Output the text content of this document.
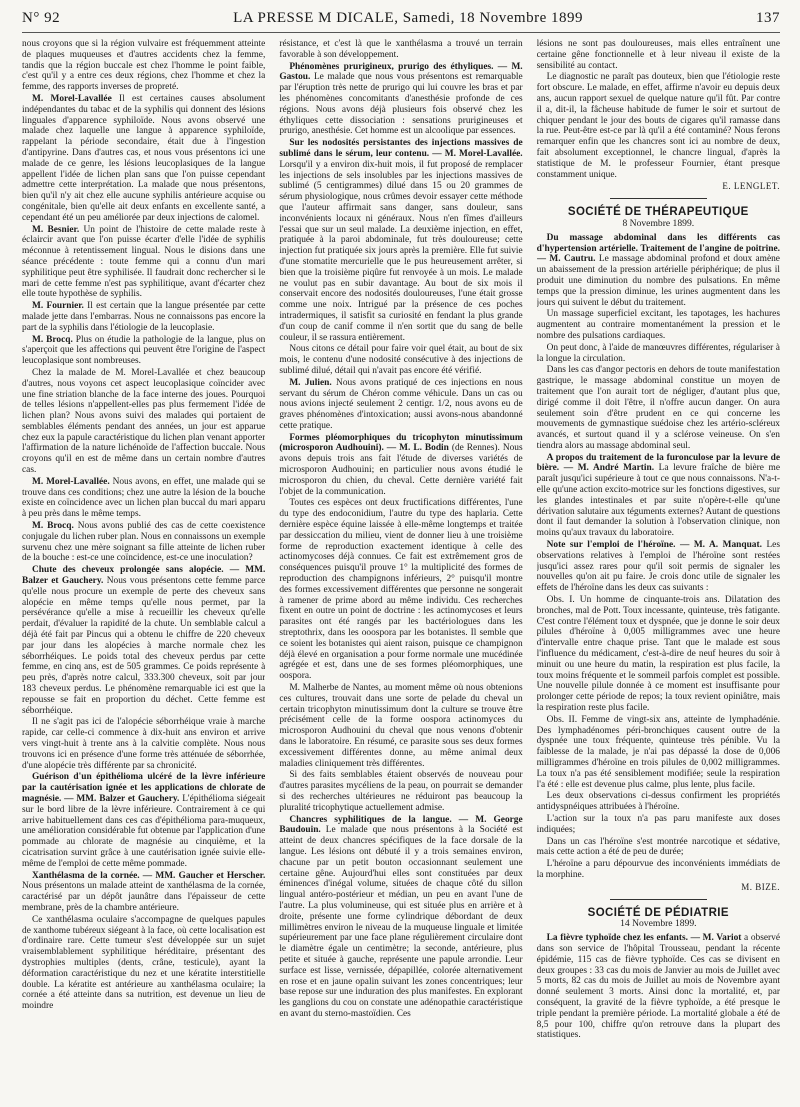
N° 92	LA PRESSE M DICALE, Samedi, 18 Novembre 1899	137

nous croyons que si la région vulvaire est fréquemment atteinte de plaques muqueuses et d'autres accidents chez la femme, tandis que la région buccale est chez l'homme le point faible, c'est qu'il y a entre ces deux régions, chez l'homme et chez la femme, des rapports inverses de propreté.

M. Morel-Lavallée Il est certaines causes absolument indépendantes du tabac et de la syphilis qui donnent des lésions linguales d'apparence syphiloïde. Nous avons observé une malade chez laquelle une langue à apparence syphiloïde, rappelant la période secondaire, était due à l'ingestion d'antipyrine. Dans d'autres cas, et nous vous présentons ici une malade de ce genre, les lésions leucoplasiques de la langue appellent l'idée de lichen plan sans que l'on puisse cependant admettre cette interprétation. La malade que nous présentons, bien qu'il n'y ait chez elle aucune syphilis antérieure acquise ou congénitale, bien qu'elle ait deux enfants en excellente santé, a cependant été un peu améliorée par deux injections de calomel.

M. Besnier. Un point de l'histoire de cette malade reste à éclaircir avant que l'on puisse écarter d'elle l'idée de syphilis méconnue à retentissement lingual. Nous le disions dans une séance précédente : toute femme qui a connu d'un mari syphilitique peut être syphilisée. Il faudrait donc rechercher si le mari de cette femme n'est pas syphilitique, avant d'écarter chez elle toute hypothèse de syphilis.

M. Fournier. Il est certain que la langue présentée par cette malade jette dans l'embarras. Nous ne connaissons pas encore la part de la syphilis dans l'étiologie de la leucoplasie.

M. Brocq. Plus on étudie la pathologie de la langue, plus on s'aperçoit que les affections qui peuvent être l'origine de l'aspect leucoplasique sont nombreuses.

Chez la malade de M. Morel-Lavallée et chez beaucoup d'autres, nous voyons cet aspect leucoplasique coïncider avec une fine striation blanche de la face interne des joues. Pourquoi de telles lésions n'appellent-elles pas plus fermement l'idée de lichen plan? Nous avons suivi des malades qui portaient de semblables éléments pendant des années, un jour est apparue chez eux la papule caractéristique du lichen plan venant apporter l'affirmation de la nature lichénoïde de l'affection buccale. Nous croyons qu'il en est de même dans un certain nombre d'autres cas.

M. Morel-Lavallée. Nous avons, en effet, une malade qui se trouve dans ces conditions; chez une autre la lésion de la bouche existe en coïncidence avec un lichen plan buccal du mari apparu à peu près dans le même temps.

M. Brocq. Nous avons publié des cas de cette coexistence conjugale du lichen ruber plan. Nous en connaissons un exemple survenu chez une mère soignant sa fille atteinte de lichen ruber de la bouche : est-ce une coïncidence, est-ce une inoculation?

Chute des cheveux prolongée sans alopécie. — MM. Balzer et Gauchery. Nous vous présentons cette femme parce qu'elle nous procure un exemple de perte des cheveux sans alopécie en même temps qu'elle nous permet, par la persévérance qu'elle a mise à recueillir les cheveux qu'elle perdait, d'évaluer la rapidité de la chute. Un semblable calcul a déjà été fait par Pincus qui a obtenu le chiffre de 220 cheveux par jour dans les alopécies à marche normale chez les séborrhéiques. Le poids total des cheveux perdus par cette femme, en cinq ans, est de 505 grammes. Ce poids représente à peu près, d'après notre calcul, 333.300 cheveux, soit par jour 183 cheveux perdus. Le phénomène remarquable ici est que la repousse se fait en proportion du déchet. Cette femme est séborrhéique.

Il ne s'agit pas ici de l'alopécie séborrhéique vraie à marche rapide, car celle-ci commence à dix-huit ans environ et arrive vers vingt-huit à trente ans à la calvitie complète. Nous nous trouvons ici en présence d'une forme très atténuée de séborrhée, d'une alopécie très différente par sa chronicité.

Guérison d'un épithélioma ulcéré de la lèvre inférieure par la cautérisation ignée et les applications de chlorate de magnésie. — MM. Balzer et Gauchery. L'épithélioma siégeait sur le bord libre de la lèvre inférieure. Contrairement à ce qui arrive habituellement dans ces cas d'épithélioma para-muqueux, une amélioration considérable fut obtenue par l'application d'une pommade au chlorate de magnésie au cinquième, et la cicatrisation survint grâce à une cautérisation ignée suivie elle-même de l'emploi de cette même pommade.

Xanthélasma de la cornée. — MM. Gaucher et Herscher. Nous présentons un malade atteint de xanthélasma de la cornée, caractérisé par un dépôt jaunâtre dans l'épaisseur de cette membrane, près de la chambre antérieure.

Ce xanthélasma oculaire s'accompagne de quelques papules de xanthome tubéreux siégeant à la face, où cette localisation est d'ordinaire rare. Cette tumeur s'est développée sur un sujet vraisemblablement syphilitique héréditaire, présentant des dystrophies multiples (dents, crâne, testicule), ayant la déformation caractéristique du nez et une kératite interstitielle double. La kératite est antérieure au xanthélasma oculaire; la cornée a été atteinte dans sa nutrition, est devenue un lieu de moindre

résistance, et c'est là que le xanthélasma a trouvé un terrain favorable à son développement.

Phénomènes prurigineux, prurigo des éthyliques. — M. Gastou. Le malade que nous vous présentons est remarquable par l'éruption très nette de prurigo qui lui couvre les bras et par les phénomènes concomitants d'anesthésie profonde de ces régions. Nous avons déjà plusieurs fois observé chez les éthyliques cette dissociation : sensations prurigineuses et prurigo, anesthésie. Cet homme est un alcoolique par essences.

Sur les nodosités persistantes des injections massives de sublimé dans le sérum, leur contenu. — M. Morel-Lavallée. Lorsqu'il y a environ dix-huit mois, il fut proposé de remplacer les injections de sels insolubles par les injections massives de sublimé (5 centigrammes) dilué dans 15 ou 20 grammes de sérum physiologique, nous crûmes devoir essayer cette méthode que l'auteur affirmait sans danger, sans douleur, sans inconvénients locaux ni généraux. Nous n'en fîmes d'ailleurs l'essai que sur un seul malade. La deuxième injection, en effet, pratiquée à la paroi abdominale, fut très douloureuse; cette injection fut pratiquée six jours après la première. Elle fut suivie d'une stomatite mercurielle que le pus heureusement arrêter, si bien que la troisième piqûre fut renvoyée à un mois. Le malade ne voulut pas en subir davantage. Au bout de six mois il conservait encore des nodosités douloureuses, l'une était grosse comme une noix. Intrigué par la présence de ces poches intradermiques, il satisfit sa curiosité en fendant la plus grande d'un coup de canif comme il n'en sortit que du sang de belle couleur, il se rassura entièrement.

Nous citons ce détail pour faire voir quel était, au bout de six mois, le contenu d'une nodosité consécutive à des injections de sublimé dilué, détail qui n'avait pas encore été vérifié.

M. Julien. Nous avons pratiqué de ces injections en nous servant du sérum de Chéron comme véhicule. Dans un cas ou nous avions injecté seulement 2 centigr. 1/2, nous avons eu de graves phénomènes d'intoxication; aussi avons-nous abandonné cette pratique.

Formes pléomorphiques du tricophyton minutissimum (microsporon Audhouini). — M. L. Bodin (de Rennes). Nous avons depuis trois ans fait l'étude de diverses variétés de microsporon Audhouini; en particulier nous avons étudié le microsporon du chien, du cheval. Cette dernière variété fait l'objet de la communication.

Toutes ces espèces ont deux fructifications différentes, l'une du type des endoconidium, l'autre du type des haplaria. Cette dernière espèce équine laissée à elle-même longtemps et traitée par dessiccation du milieu, vient de donner lieu à une troisième forme de reproduction exactement identique à celle des actinomycoses déjà connues. Ce fait est extrêmement gros de conséquences puisqu'il prouve 1° la multiplicité des formes de reproduction des champignons inférieurs, 2° puisqu'il montre des formes excessivement différentes que personne ne songerait à ramener de prime abord au même individu. Ces recherches fixent en outre un point de doctrine : les actinomycoses et leurs parasites ont été rangés par les bactériologues dans les streptothrix, dans les ooospora par les botanistes. Il semble que ce soient les botanistes qui aient raison, puisque ce champignon déjà élevé en organisation a pour forme normale une mucédinée agrégée et est, dans une de ses formes pléomorphiques, une oospora.

M. Malherbe de Nantes, au moment même où nous obtenions ces cultures, trouvait dans une sorte de pelade du cheval un certain tricophyton minutissimum dont la culture se trouve être précisément celle de la forme oospora actinomyces du microsporon Audhouini du cheval que nous venons d'obtenir dans le laboratoire. En résumé, ce parasite sous ses deux formes excessivement différentes donne, au même animal deux maladies cliniquement très différentes.

Si des faits semblables étaient observés de nouveau pour d'autres parasites mycéliens de la peau, on pourrait se demander si des recherches ultérieures ne réduiront pas beaucoup la pluralité tricophytique actuellement admise.

Chancres syphilitiques de la langue. — M. George Baudouin. Le malade que nous présentons à la Société est atteint de deux chancres spécifiques de la face dorsale de la langue. Les lésions ont débuté il y a trois semaines environ, chacune par un petit bouton occasionnant seulement une certaine gêne. Aujourd'hui elles sont constituées par deux éminences d'inégal volume, situées de chaque côté du sillon lingual antéro-postérieur et médian, un peu en avant l'une de l'autre. La plus volumineuse, qui est située plus en arrière et à droite, présente une forme cylindrique débordant de deux millimètres environ le niveau de la muqueuse linguale et limitée supérieurement par une face plane régulièrement circulaire dont le diamètre égale un centimètre; la seconde, antérieure, plus petite et située à gauche, représente une papule arrondie. Leur surface est lisse, vernissée, dépapillée, colorée alternativement en rose et en jaune opalin suivant les zones concentriques; leur base repose sur une induration des plus manifestes. En explorant les ganglions du cou on constate une adénopathie caractéristique en avant du sterno-mastoïdien. Ces

lésions ne sont pas douloureuses, mais elles entraînent une certaine gêne fonctionnelle et à leur niveau il existe de la sensibilité au contact.

Le diagnostic ne paraît pas douteux, bien que l'étiologie reste fort obscure. Le malade, en effet, affirme n'avoir eu depuis deux ans, aucun rapport sexuel de quelque nature qu'il fût. Par contre il a, dit-il, la fâcheuse habitude de fumer le soir et surtout de chiquer pendant le jour des bouts de cigares qu'il ramasse dans la rue. Peut-être est-ce par là qu'il a été contaminé? Nous ferons remarquer enfin que les chancres sont ici au nombre de deux, fait absolument exceptionnel, le chancre lingual, d'après la statistique de M. le professeur Fournier, étant presque constamment unique.

E. LENGLET.
SOCIÉTÉ DE THÉRAPEUTIQUE
8 Novembre 1899.

Du massage abdominal dans les différents cas d'hypertension artérielle. Traitement de l'angine de poitrine. — M. Cautru. Le massage abdominal profond et doux amène un abaissement de la pression artérielle périphérique; de plus il produit une diminution du nombre des pulsations. En même temps que la pression diminue, les urines augmentent dans les jours qui suivent le début du traitement.

Un massage superficiel excitant, les tapotages, les hachures augmentent au contraire momentanément la pression et le nombre des pulsations cardiaques.

On peut donc, à l'aide de manœuvres différentes, régulariser à la longue la circulation.

Dans les cas d'angor pectoris en dehors de toute manifestation gastrique, le massage abdominal constitue un moyen de traitement que l'on aurait tort de négliger, d'autant plus que, dirigé comme il doit l'être, il n'offre aucun danger. On aura seulement soin d'être prudent en ce qui concerne les mouvements de gymnastique suédoise chez les artério-scléreux avancés, et surtout quand il y a sclérose veineuse. On s'en tiendra alors au massage abdominal seul.

A propos du traitement de la furonculose par la levure de bière. — M. André Martin. La levure fraîche de bière me paraît jusqu'ici supérieure à tout ce que nous connaissons. N'a-t-elle qu'une action excito-motrice sur les fonctions digestives, sur les glandes intestinales et par suite n'opère-t-elle qu'une dérivation salutaire aux téguments externes? Autant de questions dont il faut demander la solution à l'observation clinique, non moins qu'aux travaux du laboratoire.

Note sur l'emploi de l'héroïne. — M. A. Manquat. Les observations relatives à l'emploi de l'héroïne sont restées jusqu'ici assez rares pour qu'il soit permis de signaler les nouvelles qu'on ait pu faire. Je crois donc utile de signaler les effets de l'héroïne dans les deux cas suivants :

Obs. I. Un homme de cinquante-trois ans. Dilatation des bronches, mal de Pott. Toux incessante, quinteuse, très fatigante. C'est contre l'élément toux et dyspnée, que je donne le soir deux pilules d'héroïne à 0,005 milligrammes avec une heure d'intervalle entre chaque prise. Tant que le malade est sous l'influence du médicament, c'est-à-dire de neuf heures du soir à minuit ou une heure du matin, la respiration est plus facile, la toux moins fréquente et le sommeil parfois complet est possible. Une nouvelle pilule donnée à ce moment est insuffisante pour prolonger cette période de repos; la toux revient opiniâtre, mais la respiration reste plus facile.

Obs. II. Femme de vingt-six ans, atteinte de lymphadénie. Des lymphadénomes péri-bronchiques causent outre de la dyspnée une toux fréquente, quinteuse très pénible. Vu la faiblesse de la malade, je n'ai pas dépassé la dose de 0,006 milligrammes d'héroïne en trois pilules de 0,002 milligrammes. La toux n'a pas été sensiblement modifiée; seule la respiration l'a été : elle est devenue plus calme, plus lente, plus facile.

Les deux observations ci-dessus confirment les propriétés antidyspnéiques attribuées à l'héroïne.

L'action sur la toux n'a pas paru manifeste aux doses indiquées;

Dans un cas l'héroïne s'est montrée narcotique et sédative, mais cette action a été de peu de durée;

L'héroïne a paru dépourvue des inconvénients immédiats de la morphine.

M. BIZE.
SOCIÉTÉ DE PÉDIATRIE
14 Novembre 1899.

La fièvre typhoïde chez les enfants. — M. Variot a observé dans son service de l'hôpital Trousseau, pendant la récente épidémie, 115 cas de fièvre typhoïde. Ces cas se divisent en deux groupes : 33 cas du mois de Janvier au mois de Juillet avec 5 morts, 82 cas du mois de Juillet au mois de Novembre ayant donné seulement 3 morts. Ainsi donc la mortalité, et, par conséquent, la gravité de la fièvre typhoïde, a été presque le triple pendant la première période. La mortalité globale a été de 8,5 pour 100, chiffre qu'on retrouve dans la plupart des statistiques.
